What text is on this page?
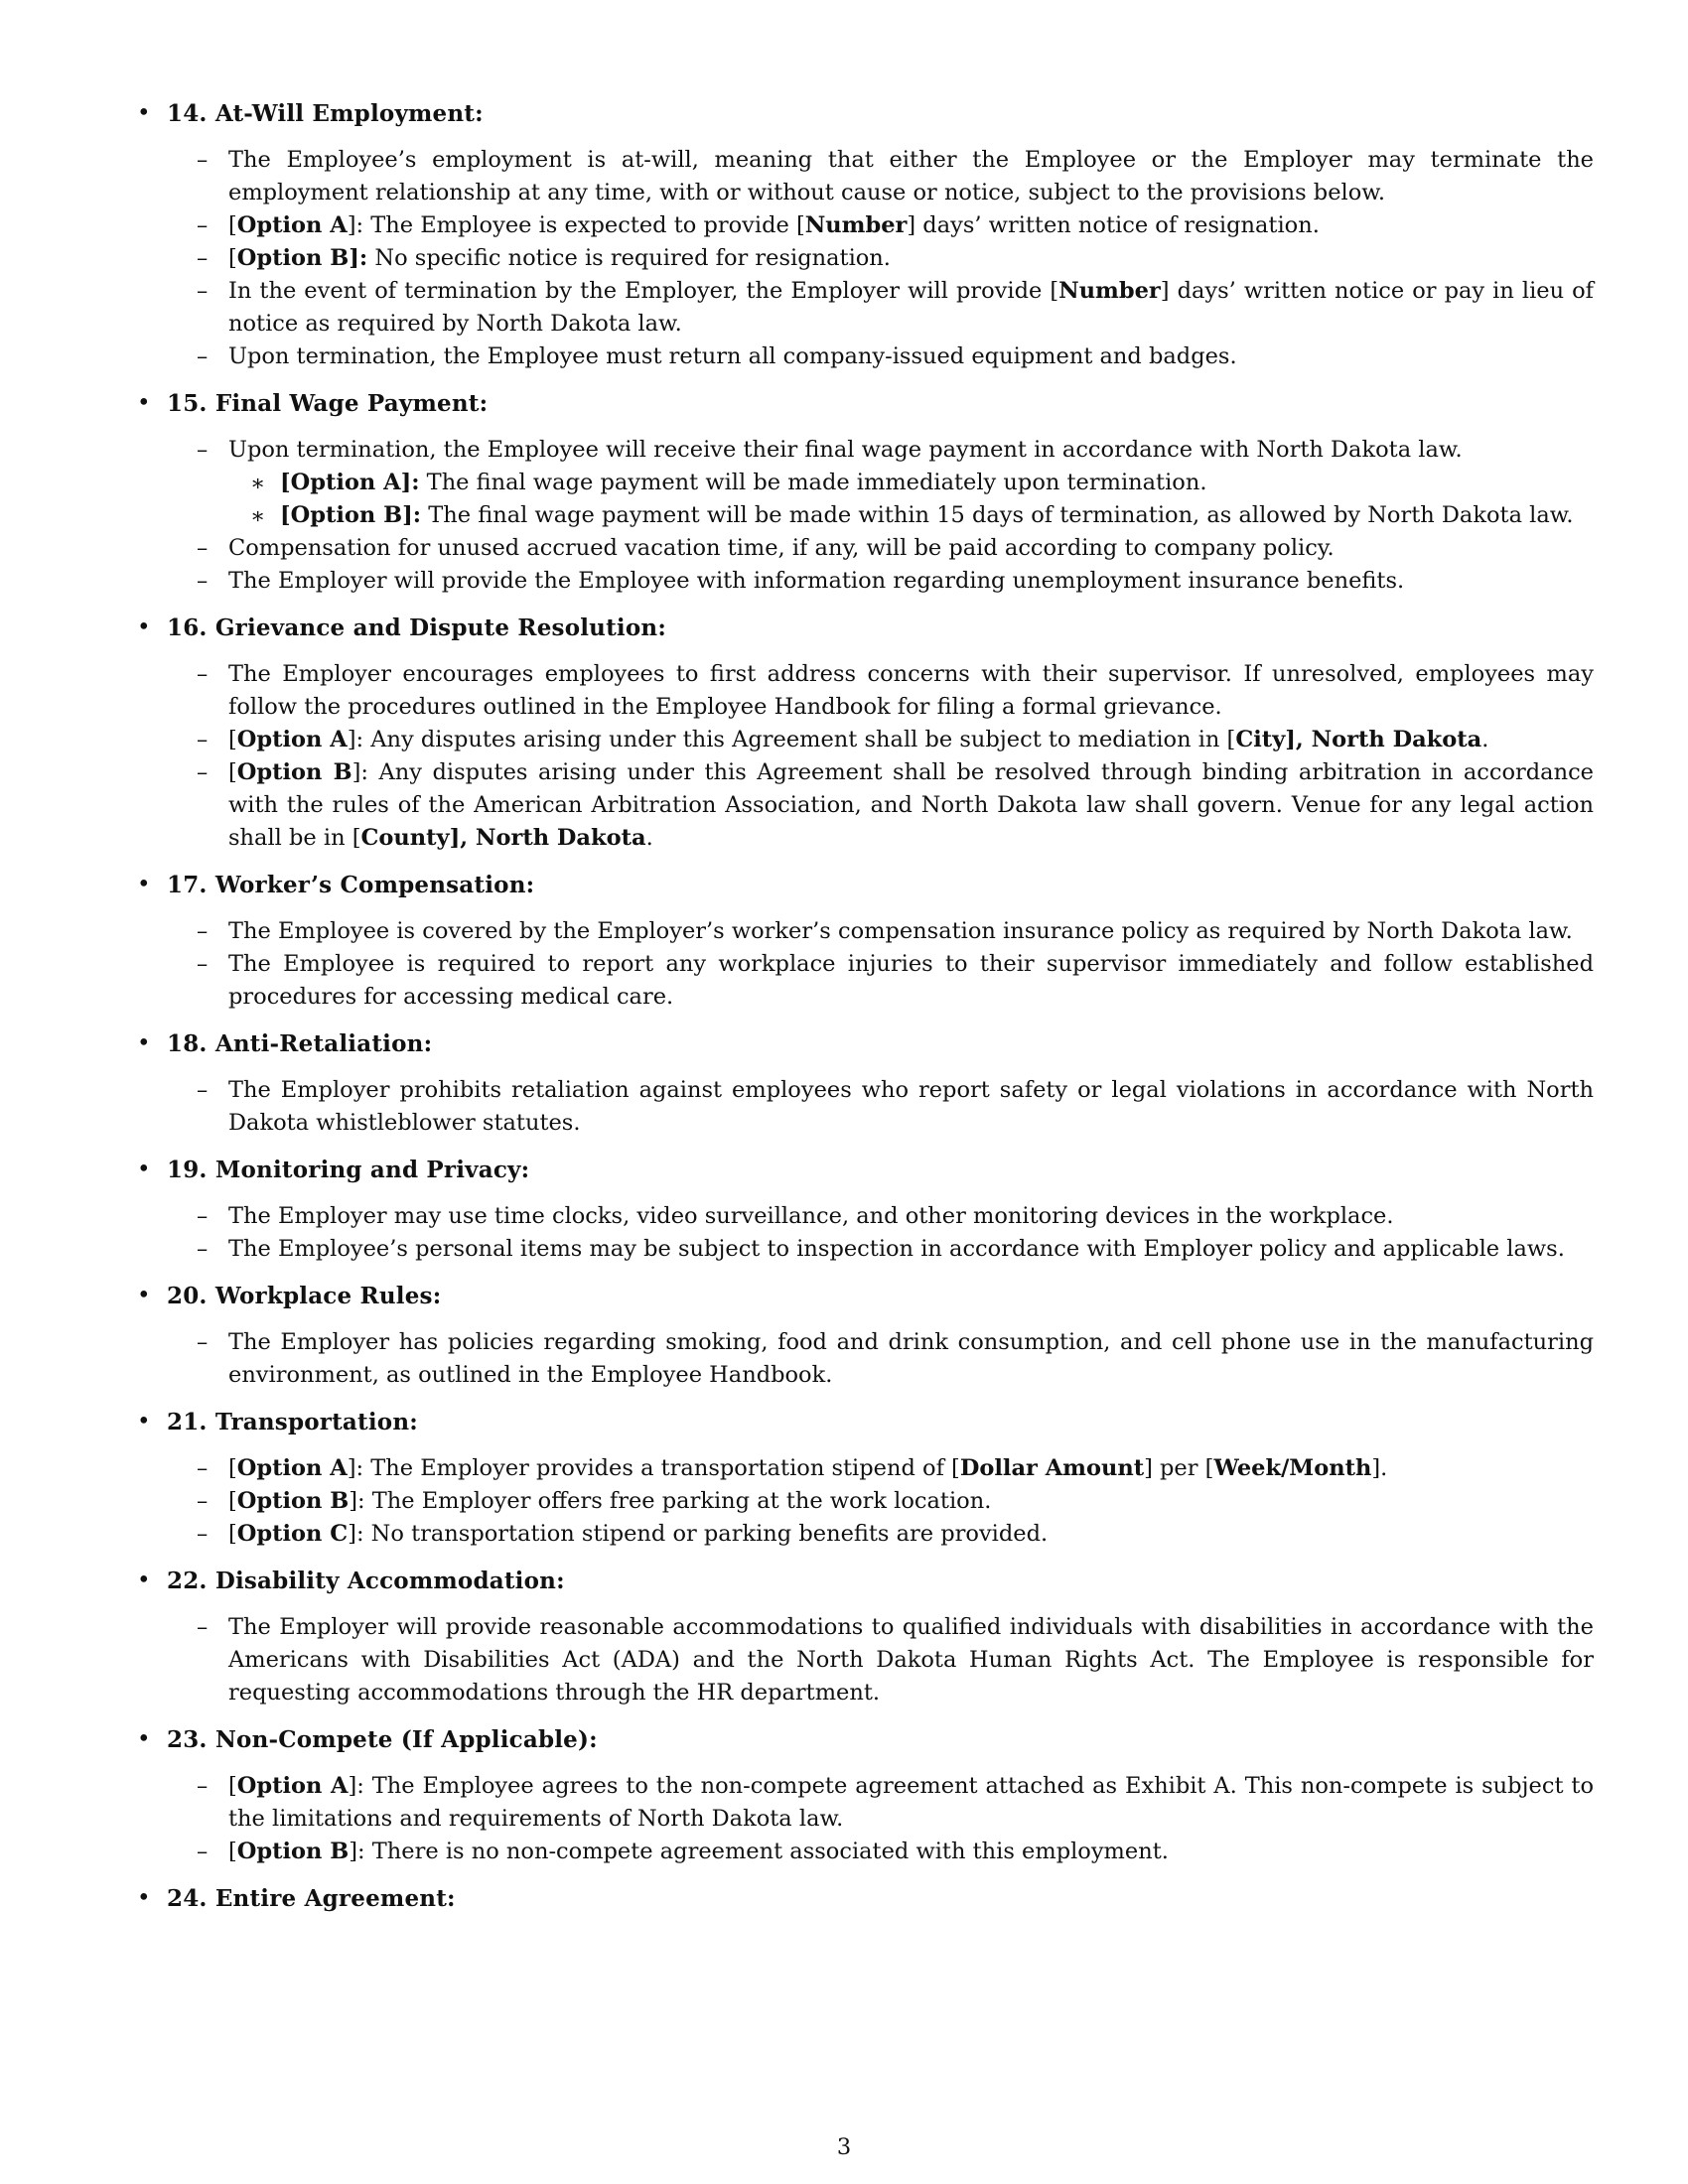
• 14. At-Will Employment:
– The Employee’s employment is at-will, meaning that either the Employee or the Employer may terminate the employment relationship at any time, with or without cause or notice, subject to the provisions below.
– [Option A]: The Employee is expected to provide [Number] days’ written notice of resignation.
– [Option B]: No specific notice is required for resignation.
– In the event of termination by the Employer, the Employer will provide [Number] days’ written notice or pay in lieu of notice as required by North Dakota law.
– Upon termination, the Employee must return all company-issued equipment and badges.
• 15. Final Wage Payment:
– Upon termination, the Employee will receive their final wage payment in accordance with North Dakota law.
∗ [Option A]: The final wage payment will be made immediately upon termination.
∗ [Option B]: The final wage payment will be made within 15 days of termination, as allowed by North Dakota law.
– Compensation for unused accrued vacation time, if any, will be paid according to company policy.
– The Employer will provide the Employee with information regarding unemployment insurance benefits.
• 16. Grievance and Dispute Resolution:
– The Employer encourages employees to first address concerns with their supervisor. If unresolved, employees may follow the procedures outlined in the Employee Handbook for filing a formal grievance.
– [Option A]: Any disputes arising under this Agreement shall be subject to mediation in [City], North Dakota.
– [Option B]: Any disputes arising under this Agreement shall be resolved through binding arbitration in accordance with the rules of the American Arbitration Association, and North Dakota law shall govern. Venue for any legal action shall be in [County], North Dakota.
• 17. Worker’s Compensation:
– The Employee is covered by the Employer’s worker’s compensation insurance policy as required by North Dakota law.
– The Employee is required to report any workplace injuries to their supervisor immediately and follow established procedures for accessing medical care.
• 18. Anti-Retaliation:
– The Employer prohibits retaliation against employees who report safety or legal violations in accordance with North Dakota whistleblower statutes.
• 19. Monitoring and Privacy:
– The Employer may use time clocks, video surveillance, and other monitoring devices in the workplace.
– The Employee’s personal items may be subject to inspection in accordance with Employer policy and applicable laws.
• 20. Workplace Rules:
– The Employer has policies regarding smoking, food and drink consumption, and cell phone use in the manufacturing environment, as outlined in the Employee Handbook.
• 21. Transportation:
– [Option A]: The Employer provides a transportation stipend of [Dollar Amount] per [Week/Month].
– [Option B]: The Employer offers free parking at the work location.
– [Option C]: No transportation stipend or parking benefits are provided.
• 22. Disability Accommodation:
– The Employer will provide reasonable accommodations to qualified individuals with disabilities in accordance with the Americans with Disabilities Act (ADA) and the North Dakota Human Rights Act. The Employee is responsible for requesting accommodations through the HR department.
• 23. Non-Compete (If Applicable):
– [Option A]: The Employee agrees to the non-compete agreement attached as Exhibit A. This non-compete is subject to the limitations and requirements of North Dakota law.
– [Option B]: There is no non-compete agreement associated with this employment.
• 24. Entire Agreement:
3
